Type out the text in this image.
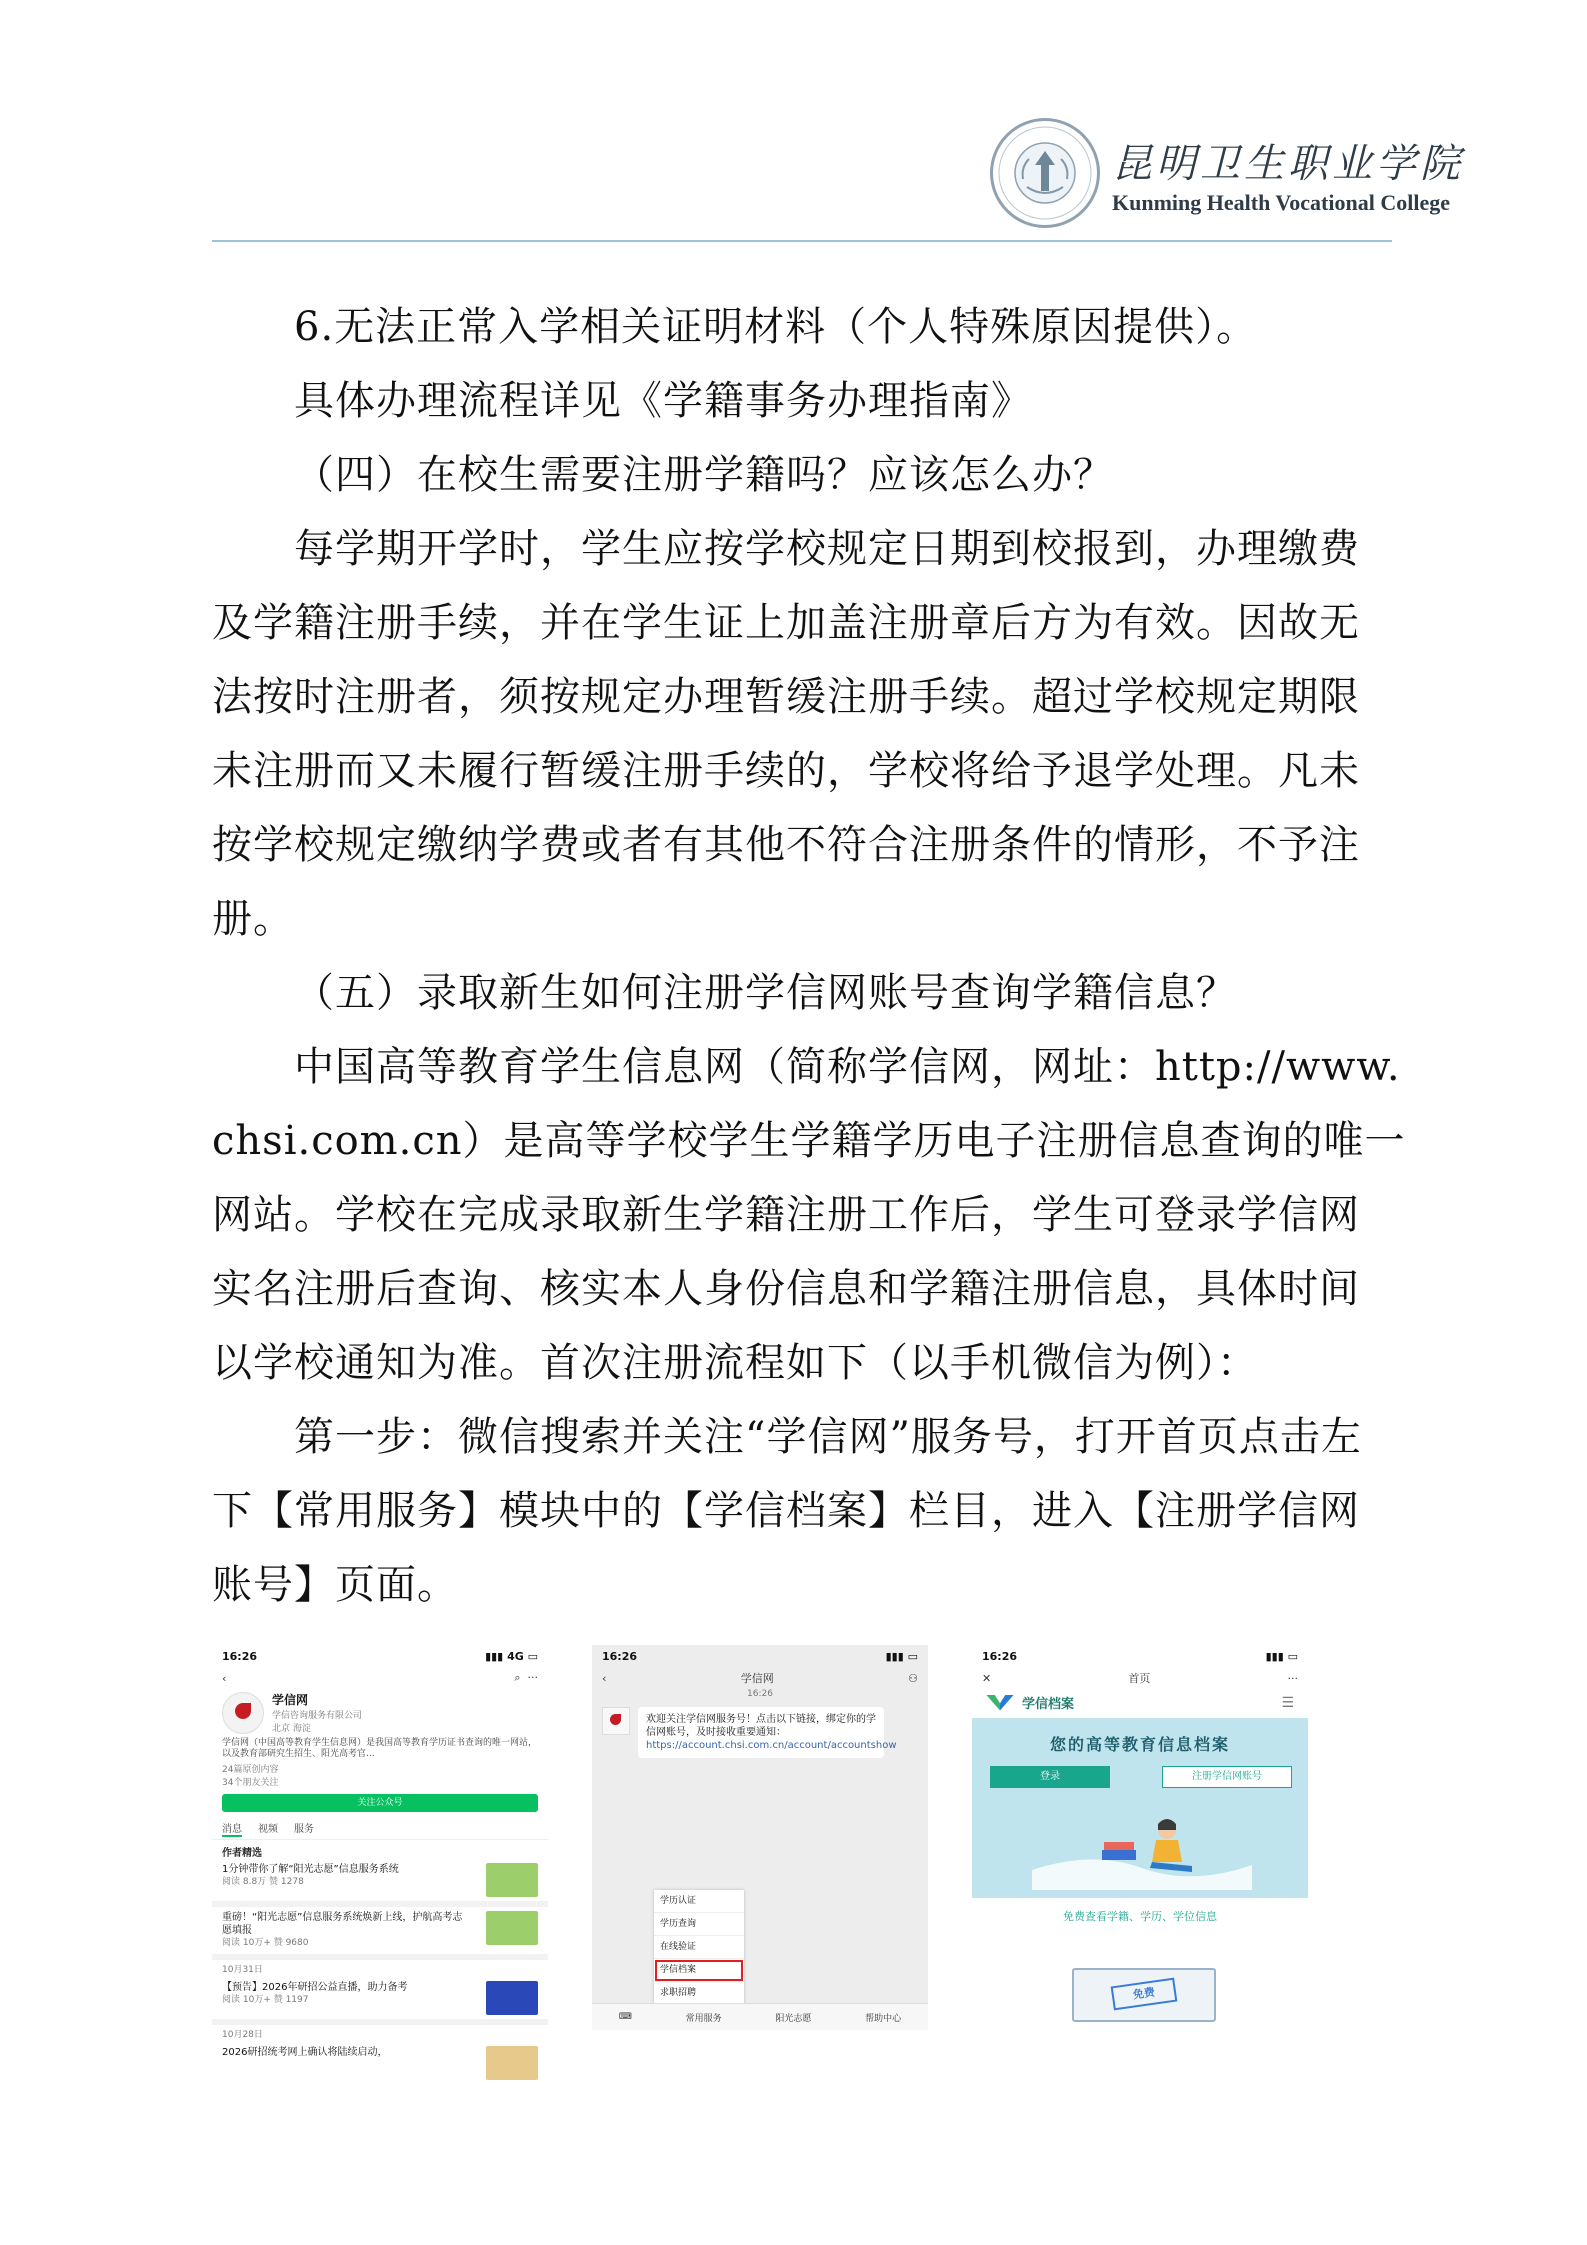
昆明卫生职业学院
Kunming Health Vocational College
6.无法正常入学相关证明材料（个人特殊原因提供）。
具体办理流程详见《学籍事务办理指南》
（四）在校生需要注册学籍吗？应该怎么办？
每学期开学时，学生应按学校规定日期到校报到，办理缴费
及学籍注册手续，并在学生证上加盖注册章后方为有效。因故无
法按时注册者，须按规定办理暂缓注册手续。超过学校规定期限
未注册而又未履行暂缓注册手续的，学校将给予退学处理。凡未
按学校规定缴纳学费或者有其他不符合注册条件的情形，不予注
册。
（五）录取新生如何注册学信网账号查询学籍信息？
中国高等教育学生信息网（简称学信网，网址：http://www.
chsi.com.cn）是高等学校学生学籍学历电子注册信息查询的唯一
网站。学校在完成录取新生学籍注册工作后，学生可登录学信网
实名注册后查询、核实本人身份信息和学籍注册信息，具体时间
以学校通知为准。首次注册流程如下（以手机微信为例）：
第一步：微信搜索并关注“学信网”服务号，打开首页点击左
下【常用服务】模块中的【学信档案】栏目，进入【注册学信网
账号】页面。
16:26	▮▮▮ 4G ▭
‹	⌕ ···
学信网
学信咨询服务有限公司
北京 海淀
学信网（中国高等教育学生信息网）是我国高等教育学历证书查询的唯一网站，以及教育部研究生招生、阳光高考官...
24篇原创内容
34个朋友关注
关注公众号
消息 视频 服务
作者精选
1分钟带你了解“阳光志愿”信息服务系统
阅读 8.8万 赞 1278
重磅！“阳光志愿”信息服务系统焕新上线，护航高考志愿填报
阅读 10万+ 赞 9680
10月31日
【预告】2026年研招公益直播，助力备考
阅读 10万+ 赞 1197
10月28日
2026研招统考网上确认将陆续启动，
16:26	▮▮▮ ▭
‹	学信网	⚇
16:26
欢迎关注学信网服务号！点击以下链接，绑定你的学信网账号，及时接收重要通知： https://account.chsi.com.cn/account/accountshow
学历认证
学历查询
在线验证
学信档案
求职招聘
⌨	常用服务	阳光志愿	帮助中心
16:26	▮▮▮ ▭
✕	首页	···
学信档案	☰
您的高等教育信息档案
登录	注册学信网账号
免费查看学籍、学历、学位信息
免费
